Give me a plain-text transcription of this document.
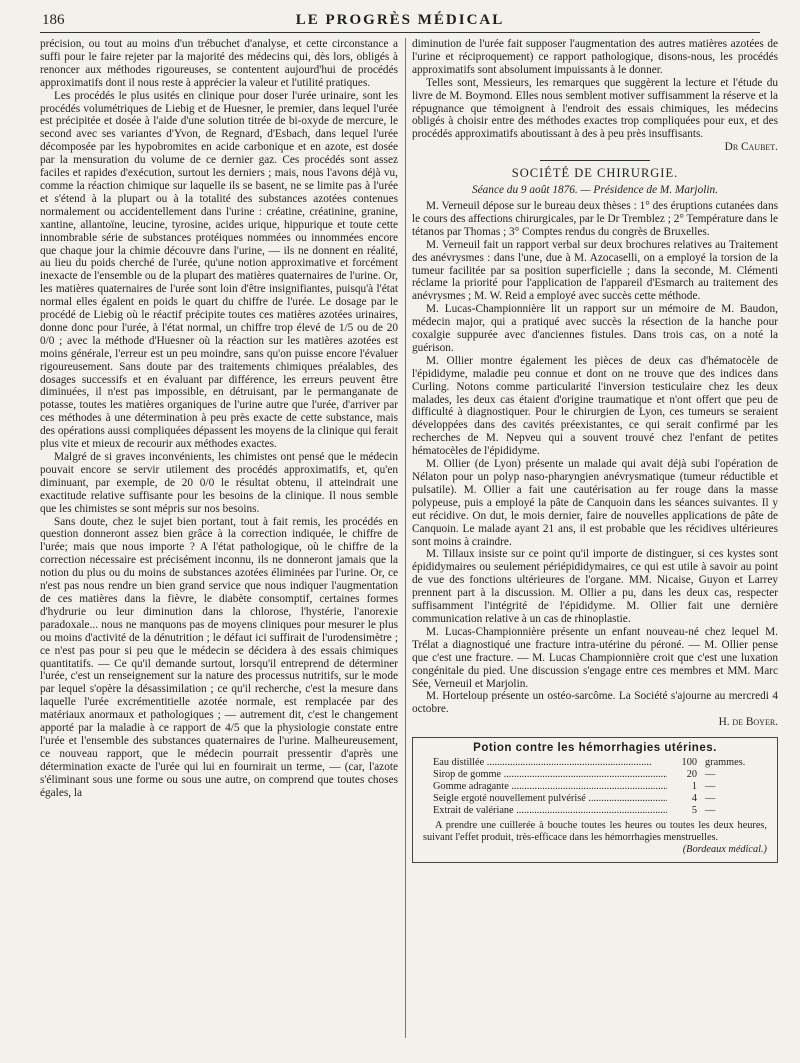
186	LE PROGRÈS MÉDICAL

précision, ou tout au moins d'un trébuchet d'analyse, et cette circonstance a suffi pour le faire rejeter par la majorité des médecins qui, dès lors, obligés à renoncer aux méthodes rigoureuses, se contentent aujourd'hui de procédés approximatifs dont il nous reste à apprécier la valeur et l'utilité pratiques.

Les procédés le plus usités en clinique pour doser l'urée urinaire, sont les procédés volumétriques de Liebig et de Huesner, le premier, dans lequel l'urée est précipitée et dosée à l'aide d'une solution titrée de bi-oxyde de mercure, le second avec ses variantes d'Yvon, de Regnard, d'Esbach, dans lequel l'urée décomposée par les hypobromites en acide carbonique et en azote, est dosée par la mensuration du volume de ce dernier gaz. Ces procédés sont assez faciles et rapides d'exécution, surtout les derniers ; mais, nous l'avons déjà vu, comme la réaction chimique sur laquelle ils se basent, ne se limite pas à l'urée et s'étend à la plupart ou à la totalité des substances azotées contenues normalement ou accidentellement dans l'urine : créatine, créatinine, granine, xantine, allantoïne, leucine, tyrosine, acides urique, hippurique et toute cette innombrable série de substances protéiques nommées ou innommées encore que chaque jour la chimie découvre dans l'urine, — ils ne donnent en réalité, au lieu du poids cherché de l'urée, qu'une notion approximative et forcément inexacte de l'ensemble ou de la plupart des matières quaternaires de l'urine. Or, les matières quaternaires de l'urée sont loin d'être insignifiantes, puisqu'à l'état normal elles égalent en poids le quart du chiffre de l'urée. Le dosage par le procédé de Liebig où le réactif précipite toutes ces matières azotées urinaires, donne donc pour l'urée, à l'état normal, un chiffre trop élevé de 1/5 ou de 20 0/0 ; avec la méthode d'Huesner où la réaction sur les matières azotées est moins générale, l'erreur est un peu moindre, sans qu'on puisse encore l'évaluer rigoureusement. Sans doute par des traitements chimiques préalables, des dosages successifs et en évaluant par différence, les erreurs peuvent être diminuées, il n'est pas impossible, en détruisant, par le permanganate de potasse, toutes les matières organiques de l'urine autre que l'urée, d'arriver par ces méthodes à une détermination à peu près exacte de cette substance, mais des opérations aussi compliquées dépassent les moyens de la clinique qui ferait plus vite et mieux de recourir aux méthodes exactes.

Malgré de si graves inconvénients, les chimistes ont pensé que le médecin pouvait encore se servir utilement des procédés approximatifs, et, qu'en diminuant, par exemple, de 20 0/0 le résultat obtenu, il atteindrait une exactitude relative suffisante pour les besoins de la clinique. Il nous semble que les chimistes se sont mépris sur nos besoins.

Sans doute, chez le sujet bien portant, tout à fait remis, les procédés en question donneront assez bien grâce à la correction indiquée, le chiffre de l'urée; mais que nous importe ? A l'état pathologique, où le chiffre de la correction nécessaire est précisément inconnu, ils ne donneront jamais que la notion du plus ou du moins de substances azotées éliminées par l'urine. Or, ce n'est pas nous rendre un bien grand service que nous indiquer l'augmentation de ces matières dans la fièvre, le diabète consomptif, certaines formes d'hydrurie ou leur diminution dans la chlorose, l'hystérie, l'anorexie paradoxale... nous ne manquons pas de moyens cliniques pour mesurer le plus ou moins d'activité de la dénutrition ; le défaut ici suffirait de l'urodensimètre ; ce n'est pas pour si peu que le médecin se décidera à des essais chimiques quantitatifs. — Ce qu'il demande surtout, lorsqu'il entreprend de déterminer l'urée, c'est un renseignement sur la nature des processus nutritifs, sur le mode par lequel s'opère la désassimilation ; ce qu'il recherche, c'est la mesure dans laquelle l'urée excrémentitielle azotée normale, est remplacée par des matériaux anormaux et pathologiques ; — autrement dit, c'est le changement apporté par la maladie à ce rapport de 4/5 que la physiologie constate entre l'urée et l'ensemble des substances quaternaires de l'urine. Malheureusement, ce nouveau rapport, que le médecin pourrait pressentir d'après une détermination exacte de l'urée qui lui en fournirait un terme, — (car, l'azote s'éliminant sous une forme ou sous une autre, on comprend que toutes choses égales, la

diminution de l'urée fait supposer l'augmentation des autres matières azotées de l'urine et réciproquement) ce rapport pathologique, disons-nous, les procédés approximatifs sont absolument impuissants à le donner.

Telles sont, Messieurs, les remarques que suggèrent la lecture et l'étude du livre de M. Boymond. Elles nous semblent motiver suffisamment la réserve et la répugnance que témoignent à l'endroit des essais chimiques, les médecins obligés à choisir entre des méthodes exactes trop compliquées pour eux, et des procédés approximatifs aboutissant à des à peu près insuffisants.

Dr Caubet.

SOCIÉTÉ DE CHIRURGIE.

Séance du 9 août 1876. — Présidence de M. Marjolin.

M. Verneuil dépose sur le bureau deux thèses : 1° des éruptions cutanées dans le cours des affections chirurgicales, par le Dr Tremblez ; 2° Température dans le tétanos par Thomas ; 3° Comptes rendus du congrès de Bruxelles.

M. Verneuil fait un rapport verbal sur deux brochures relatives au Traitement des anévrysmes : dans l'une, due à M. Azocaselli, on a employé la torsion de la tumeur facilitée par sa position superficielle ; dans la seconde, M. Clémenti réclame la priorité pour l'application de l'appareil d'Esmarch au traitement des anévrysmes ; M. W. Reid a employé avec succès cette méthode.

M. Lucas-Championnière lit un rapport sur un mémoire de M. Baudon, médecin major, qui a pratiqué avec succès la résection de la hanche pour coxalgie suppurée avec d'anciennes fistules. Dans trois cas, on a noté la guérison.

M. Ollier montre également les pièces de deux cas d'hématocèle de l'épididyme, maladie peu connue et dont on ne trouve que des indices dans Curling. Notons comme particularité l'inversion testiculaire chez les deux malades, les deux cas étaient d'origine traumatique et n'ont offert que peu de difficulté à diagnostiquer. Pour le chirurgien de Lyon, ces tumeurs se seraient développées dans des cavités préexistantes, ce qui serait confirmé par les recherches de M. Nepveu qui a souvent trouvé chez l'enfant de petites hématocèles de l'épididyme.

M. Ollier (de Lyon) présente un malade qui avait déjà subi l'opération de Nélaton pour un polyp naso-pharyngien anévrysmatique (tumeur réductible et pulsatile). M. Ollier a fait une cautérisation au fer rouge dans la masse polypeuse, puis a employé la pâte de Canquoin dans les séances suivantes. Il y eut récidive. On dut, le mois dernier, faire de nouvelles applications de pâte de Canquoin. Le malade ayant 21 ans, il est probable que les récidives ultérieures sont moins à craindre.

M. Tillaux insiste sur ce point qu'il importe de distinguer, si ces kystes sont épididymaires ou seulement périépididymaires, ce qui est utile à savoir au point de vue des fonctions ultérieures de l'organe. MM. Nicaise, Guyon et Larrey prennent part à la discussion. M. Ollier a pu, dans les deux cas, respecter suffisamment l'intégrité de l'épididyme. M. Ollier fait une dernière communication relative à un cas de rhinoplastie.

M. Lucas-Championnière présente un enfant nouveau-né chez lequel M. Trélat a diagnostiqué une fracture intra-utérine du péroné. — M. Ollier pense que c'est une fracture. — M. Lucas Championnière croit que c'est une luxation congénitale du pied. Une discussion s'engage entre ces membres et MM. Marc Sée, Verneuil et Marjolin.

M. Horteloup présente un ostéo-sarcôme. La Société s'ajourne au mercredi 4 octobre.

H. de Boyer.

Potion contre les hémorrhagies utérines.
Eau distillée .....	100 grammes.
Sirop de gomme .....	20 —
Gomme adragante .....	1 —
Seigle ergoté nouvellement pulvérisé .....	4 —
Extrait de valériane .....	5 —

A prendre une cuillerée à bouche toutes les heures ou toutes les deux heures, suivant l'effet produit, très-efficace dans les hémorrhagies menstruelles.

(Bordeaux médical.)
